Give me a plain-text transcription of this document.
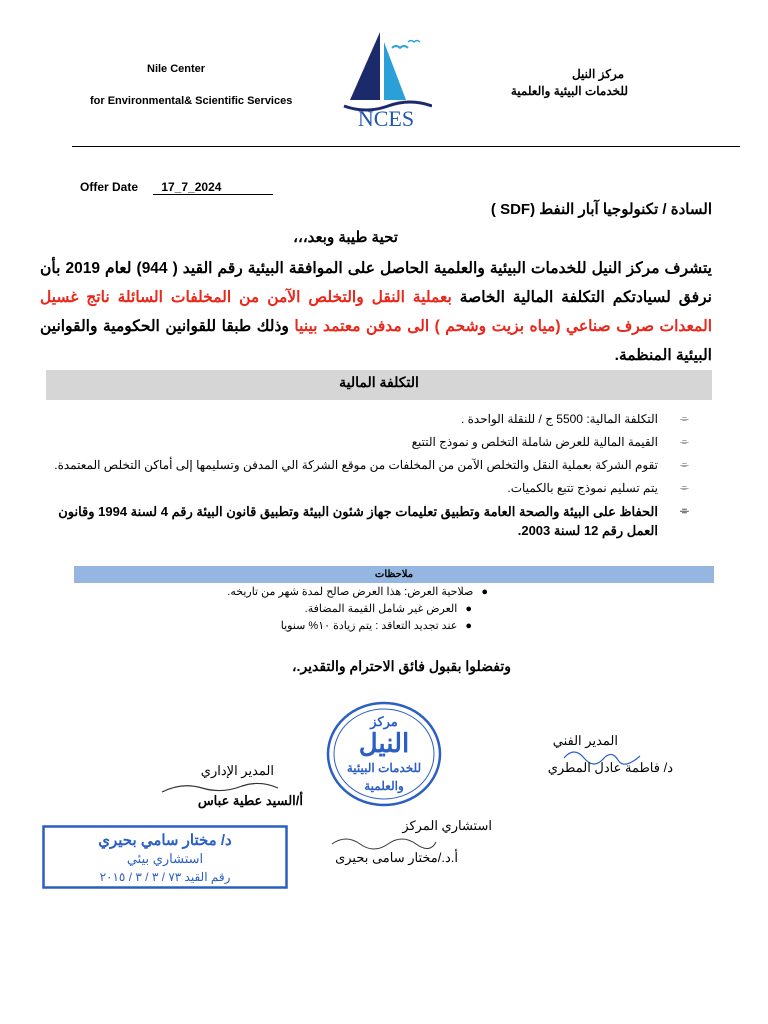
Nile Center
for Environmental& Scientific Services
NCES
مركز النيل
للخدمات البيئية والعلمية
Offer Date 17_7_2024
السادة / تكنولوجيا آبار النفط (SDF )
تحية طيبة وبعد،،،
يتشرف مركز النيل للخدمات البيئية والعلمية الحاصل على الموافقة البيئية رقم القيد ( 944) لعام 2019 بأن نرفق لسيادتكم التكلفة المالية الخاصة بعملية النقل والتخلص الآمن من المخلفات السائلة ناتج غسيل المعدات صرف صناعي (مياه بزيت وشحم ) الى مدفن معتمد بينيا وذلك طبقا للقوانين الحكومية والقوانين البيئية المنظمة.
التكلفة المالية
⌯
التكلفة المالية: 5500 ج / للنقلة الواحدة .
⌯
القيمة المالية للعرض شاملة التخلص و نموذج التتبع
⌯
تقوم الشركة بعملية النقل والتخلص الآمن من المخلفات من موقع الشركة الي المدفن وتسليمها إلى أماكن التخلص المعتمدة.
⌯
يتم تسليم نموذج تتبع بالكميات.
⌯
الحفاظ على البيئة والصحة العامة وتطبيق تعليمات جهاز شئون البيئة وتطبيق قانون البيئة رقم 4 لسنة 1994 وقانون العمل رقم 12 لسنة 2003.
ملاحظات
●صلاحية العرض: هذا العرض صالح لمدة شهر من تاريخه.
●العرض غير شامل القيمة المضافة.
●عند تجديد التعاقد : يتم زيادة ١٠% سنويا
وتفضلوا بقبول فائق الاحترام والتقدير.،
مركز
النيل
للخدمات البيئية
والعلمية
المدير الفني
د/ فاطمة عادل المطري
المدير الإداري
أ/السيد عطية عباس
استشاري المركز
أ.د./مختار سامى بحيرى
د/ مختار سامي بحيري
استشاري بيئي
رقم القيد ٧٣ / ٣ / ٣ / ٢٠١٥
